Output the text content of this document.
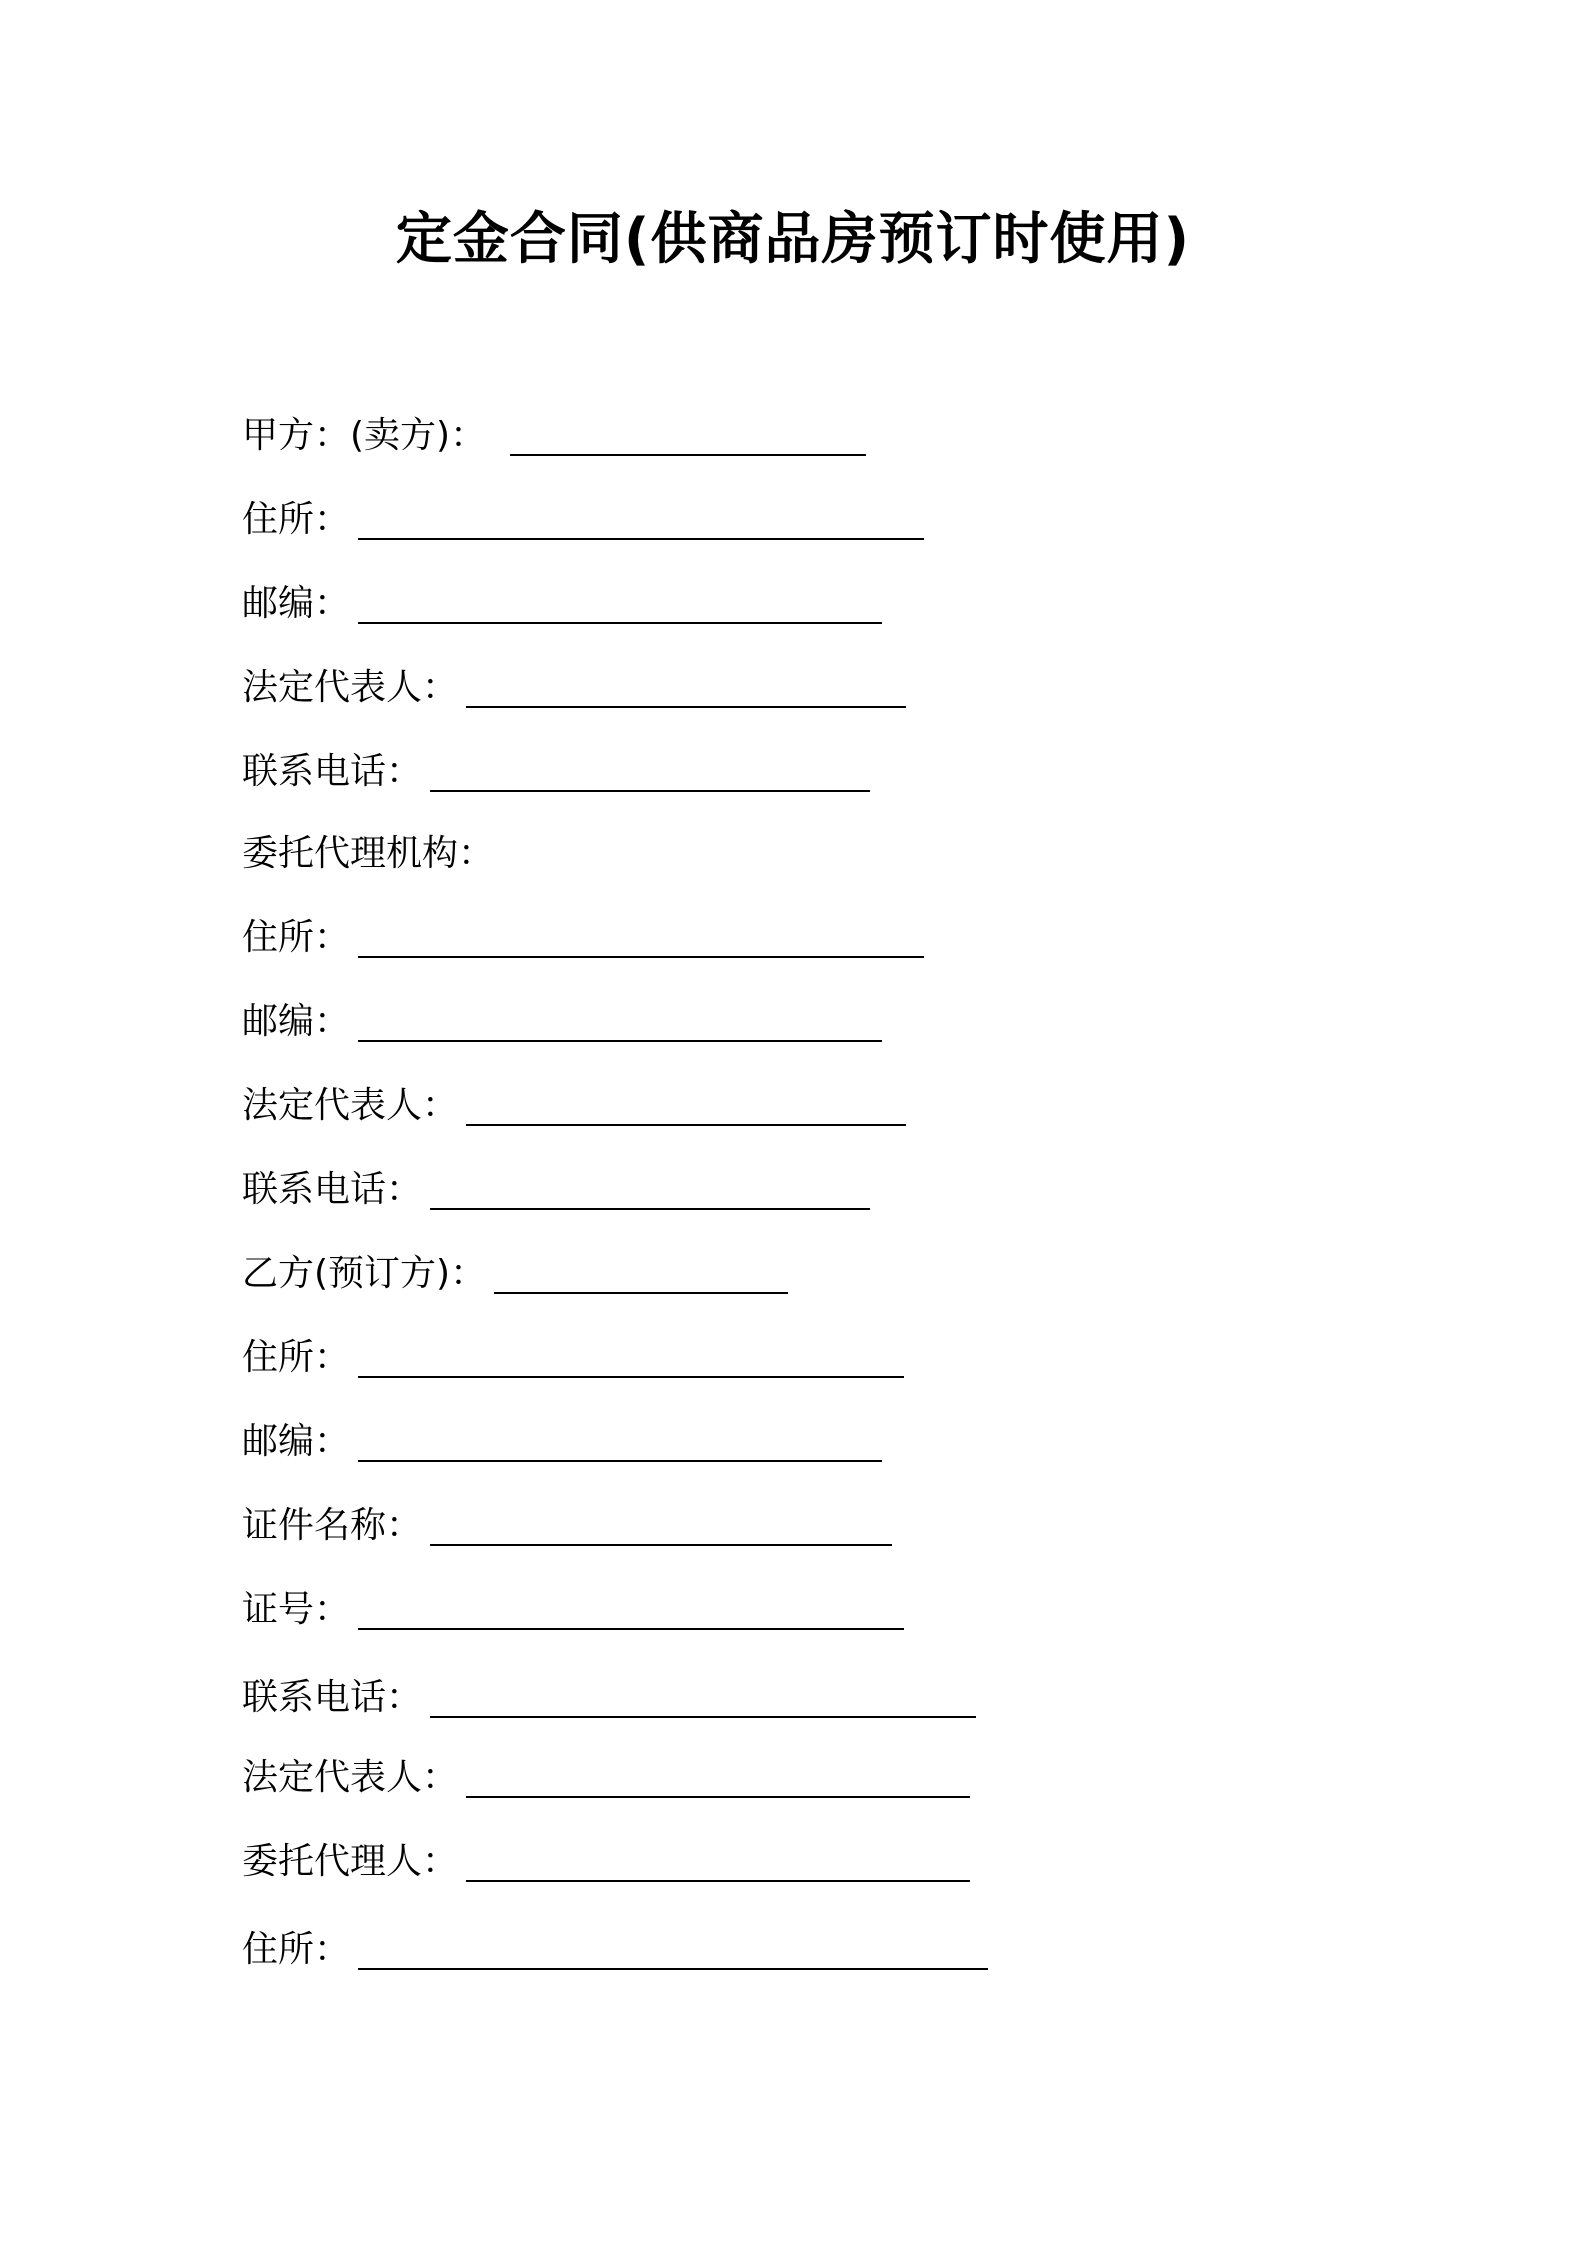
定金合同(供商品房预订时使用)
甲方：(卖方)：
住所：
邮编：
法定代表人：
联系电话：
委托代理机构：
住所：
邮编：
法定代表人：
联系电话：
乙方(预订方)：
住所：
邮编：
证件名称：
证号：
联系电话：
法定代表人：
委托代理人：
住所：
